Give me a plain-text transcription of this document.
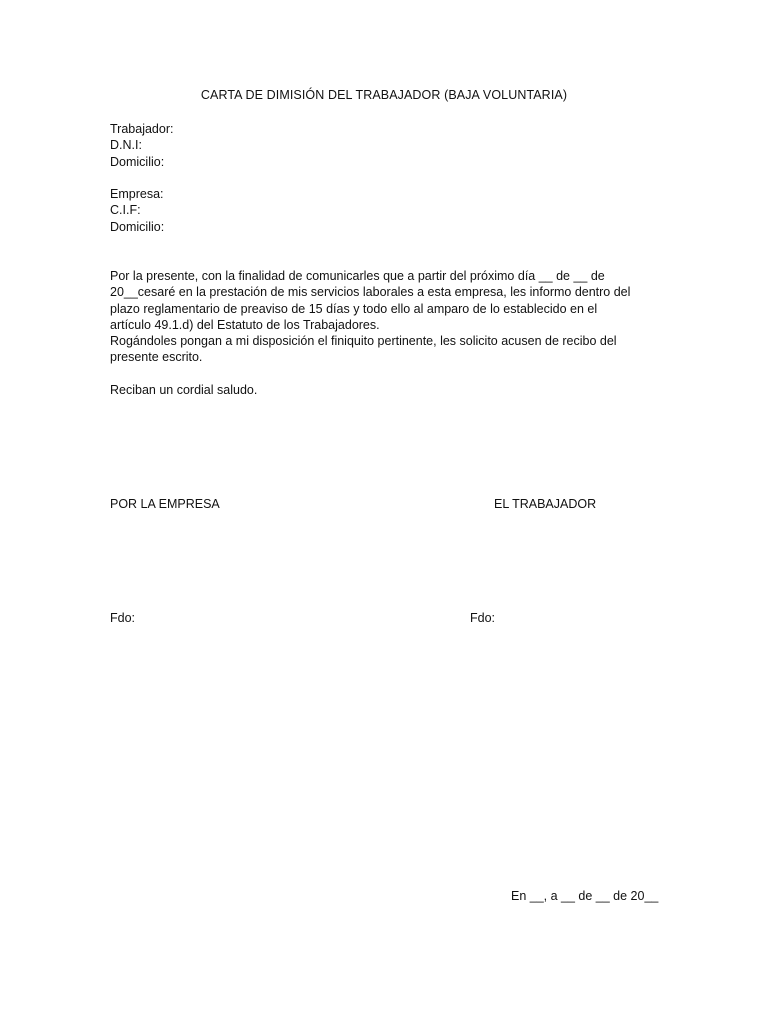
CARTA DE DIMISIÓN DEL TRABAJADOR (BAJA VOLUNTARIA)
Trabajador:
D.N.I:
Domicilio:
Empresa:
C.I.F:
Domicilio:
Por la presente, con la finalidad de comunicarles que a partir del próximo día __ de __ de
20__cesaré en la prestación de mis servicios laborales a esta empresa, les informo dentro del
plazo reglamentario de preaviso de 15 días y todo ello al amparo de lo establecido en el
artículo 49.1.d) del Estatuto de los Trabajadores.
Rogándoles pongan a mi disposición el finiquito pertinente, les solicito acusen de recibo del
presente escrito.
Reciban un cordial saludo.
POR LA EMPRESA	EL TRABAJADOR
Fdo:	Fdo:
En __, a __ de __ de 20__
